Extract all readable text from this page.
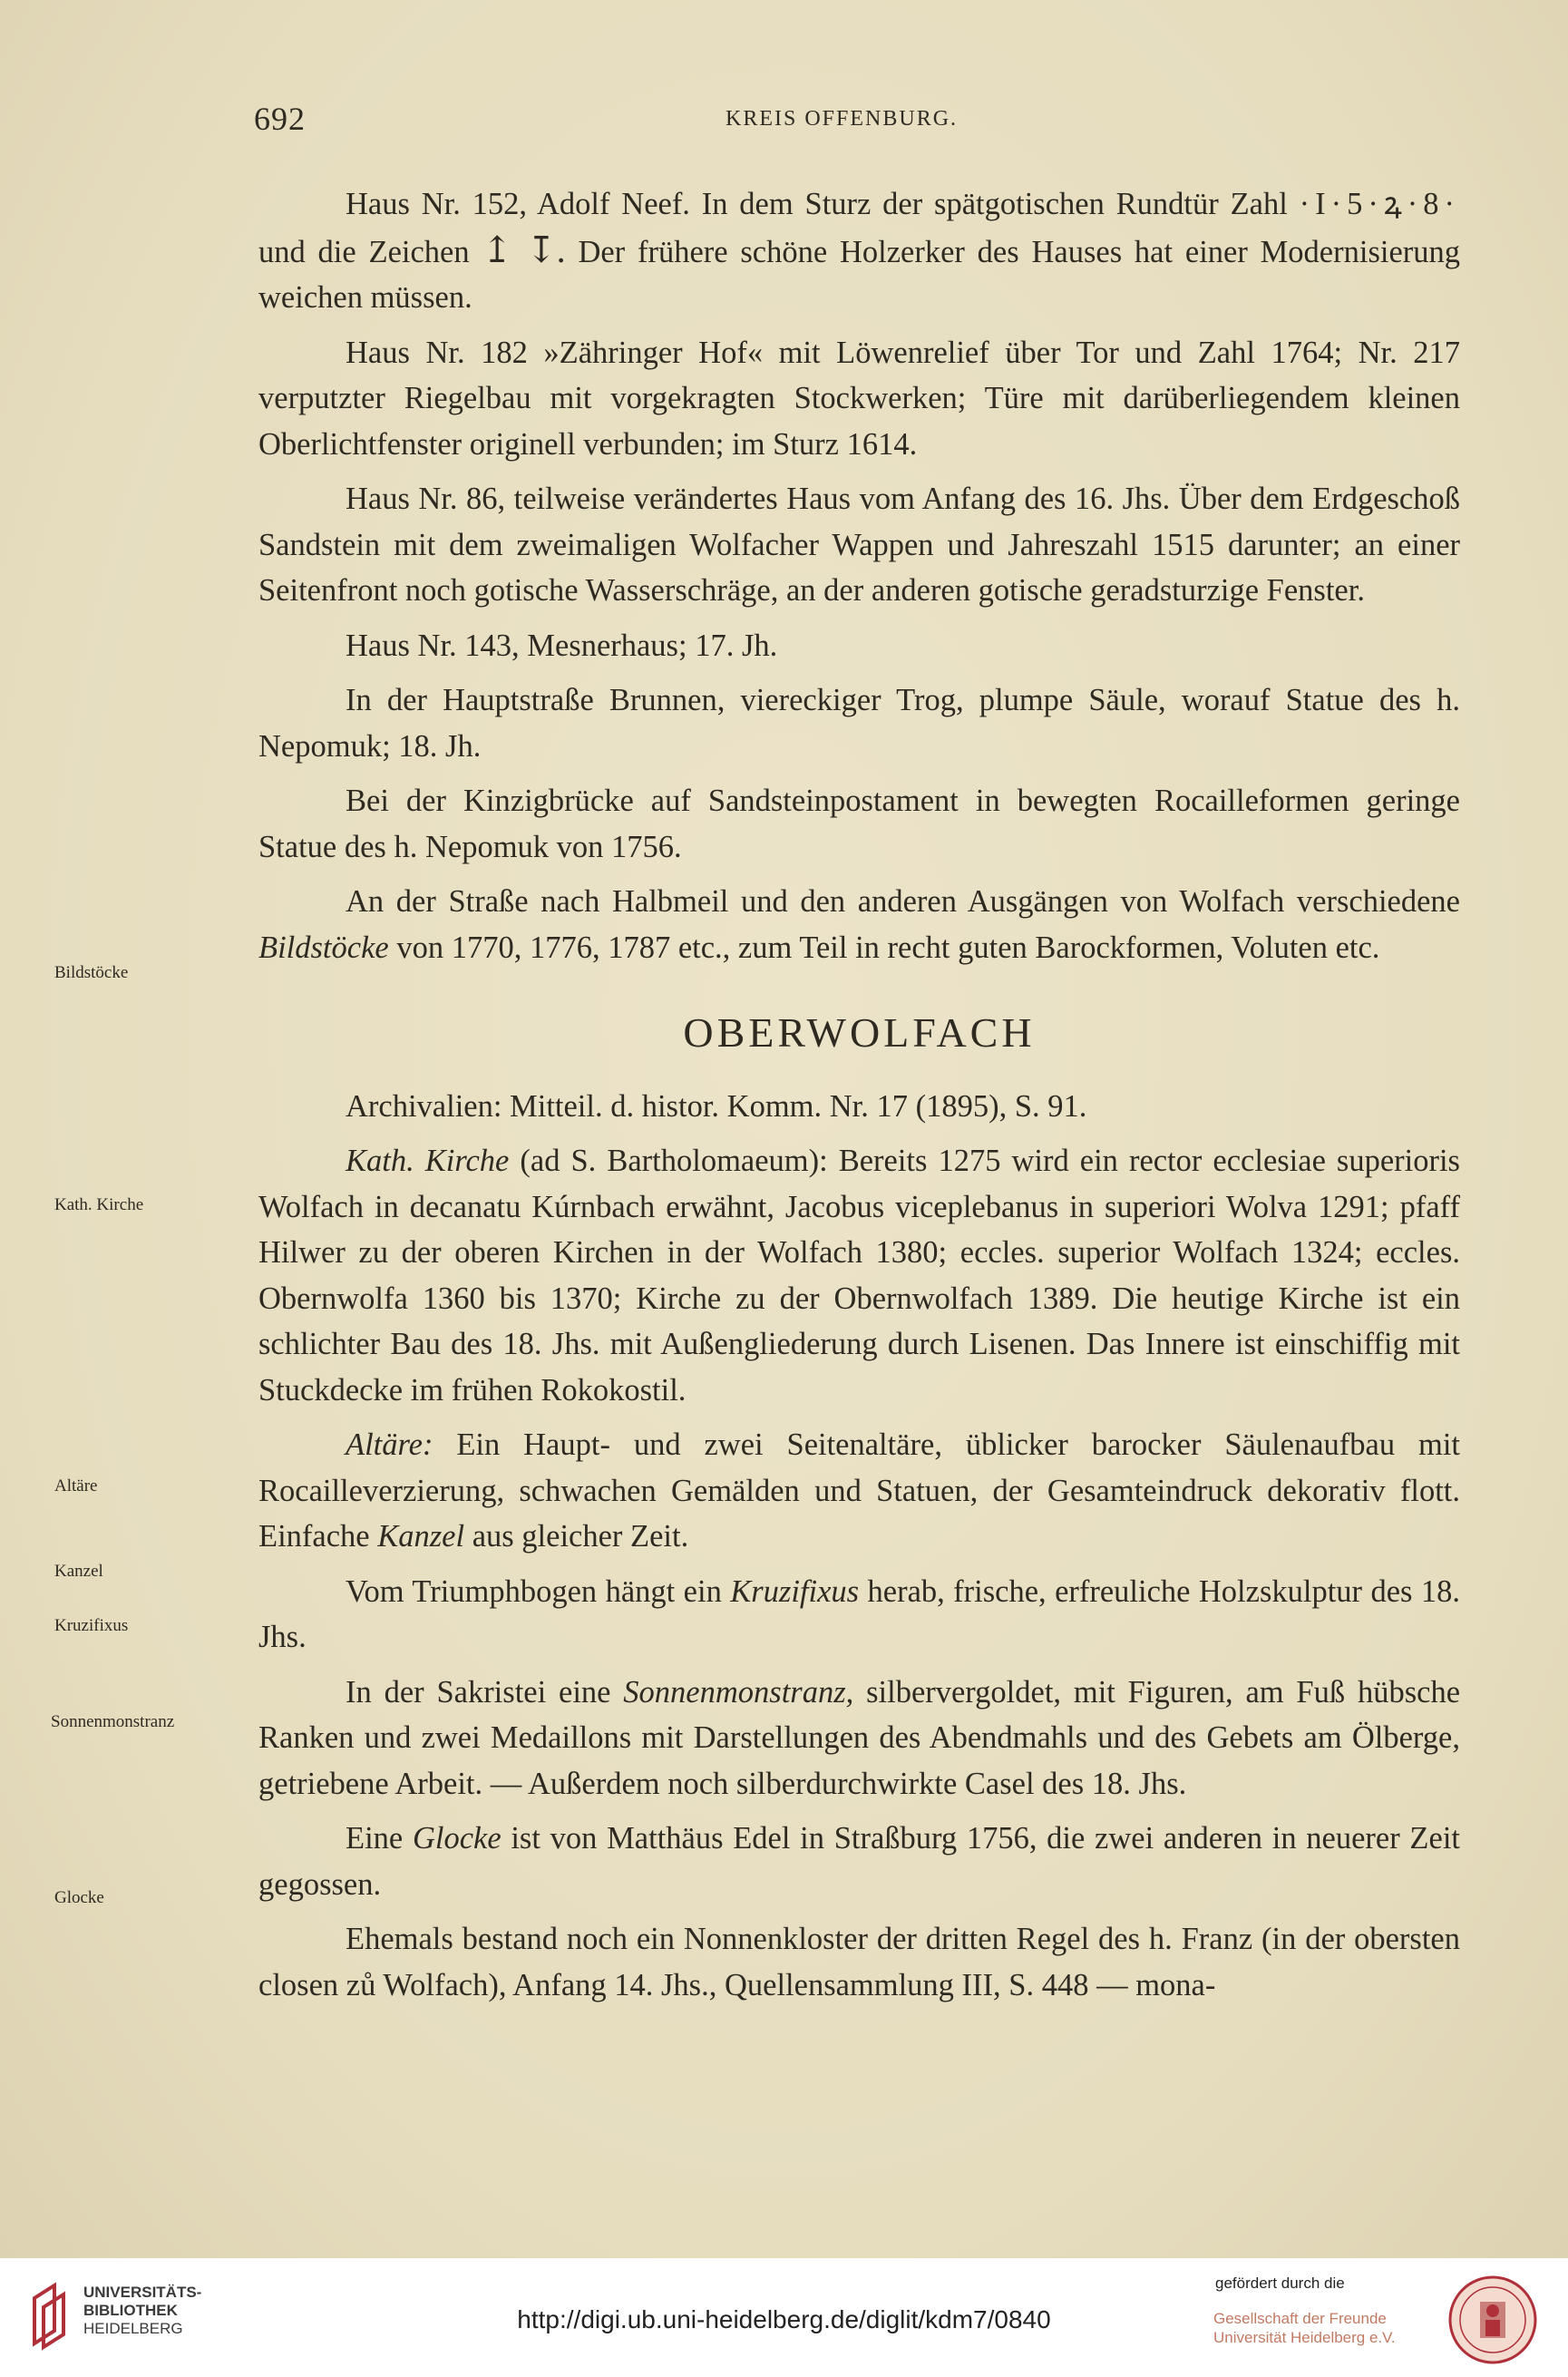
692	KREIS OFFENBURG.
Bildstöcke
Kath. Kirche
Altäre
Kanzel
Kruzifixus
Sonnenmonstranz
Glocke

Haus Nr. 152, Adolf Neef. In dem Sturz der spätgotischen Rundtür Zahl ·I·5·ꝝ·8· und die Zeichen ↥ ↧. Der frühere schöne Holzerker des Hauses hat einer Modernisierung weichen müssen.

Haus Nr. 182 »Zähringer Hof« mit Löwenrelief über Tor und Zahl 1764; Nr. 217 verputzter Riegelbau mit vorgekragten Stockwerken; Türe mit darüberliegendem kleinen Oberlichtfenster originell verbunden; im Sturz 1614.

Haus Nr. 86, teilweise verändertes Haus vom Anfang des 16. Jhs. Über dem Erdgeschoß Sandstein mit dem zweimaligen Wolfacher Wappen und Jahreszahl 1515 darunter; an einer Seitenfront noch gotische Wasserschräge, an der anderen gotische geradsturzige Fenster.

Haus Nr. 143, Mesnerhaus; 17. Jh.

In der Hauptstraße Brunnen, viereckiger Trog, plumpe Säule, worauf Statue des h. Nepomuk; 18. Jh.

Bei der Kinzigbrücke auf Sandsteinpostament in bewegten Rocailleformen geringe Statue des h. Nepomuk von 1756.

An der Straße nach Halbmeil und den anderen Ausgängen von Wolfach verschiedene Bildstöcke von 1770, 1776, 1787 etc., zum Teil in recht guten Barockformen, Voluten etc.

OBERWOLFACH

Archivalien: Mitteil. d. histor. Komm. Nr. 17 (1895), S. 91.

Kath. Kirche (ad S. Bartholomaeum): Bereits 1275 wird ein rector ecclesiae superioris Wolfach in decanatu Kúrnbach erwähnt, Jacobus viceplebanus in superiori Wolva 1291; pfaff Hilwer zu der oberen Kirchen in der Wolfach 1380; eccles. superior Wolfach 1324; eccles. Obernwolfa 1360 bis 1370; Kirche zu der Obernwolfach 1389. Die heutige Kirche ist ein schlichter Bau des 18. Jhs. mit Außengliederung durch Lisenen. Das Innere ist einschiffig mit Stuckdecke im frühen Rokokostil.

Altäre: Ein Haupt- und zwei Seitenaltäre, üblicker barocker Säulenaufbau mit Rocailleverzierung, schwachen Gemälden und Statuen, der Gesamteindruck dekorativ flott. Einfache Kanzel aus gleicher Zeit.

Vom Triumphbogen hängt ein Kruzifixus herab, frische, erfreuliche Holzskulptur des 18. Jhs.

In der Sakristei eine Sonnenmonstranz, silbervergoldet, mit Figuren, am Fuß hübsche Ranken und zwei Medaillons mit Darstellungen des Abendmahls und des Gebets am Ölberge, getriebene Arbeit. — Außerdem noch silberdurchwirkte Casel des 18. Jhs.

Eine Glocke ist von Matthäus Edel in Straßburg 1756, die zwei anderen in neuerer Zeit gegossen.

Ehemals bestand noch ein Nonnenkloster der dritten Regel des h. Franz (in der obersten closen zů Wolfach), Anfang 14. Jhs., Quellensammlung III, S. 448 — mona-

UNIVERSITÄTS-
BIBLIOTHEK
HEIDELBERG	http://digi.ub.uni-heidelberg.de/diglit/kdm7/0840
gefördert durch die
Gesellschaft der Freunde
Universität Heidelberg e.V.
